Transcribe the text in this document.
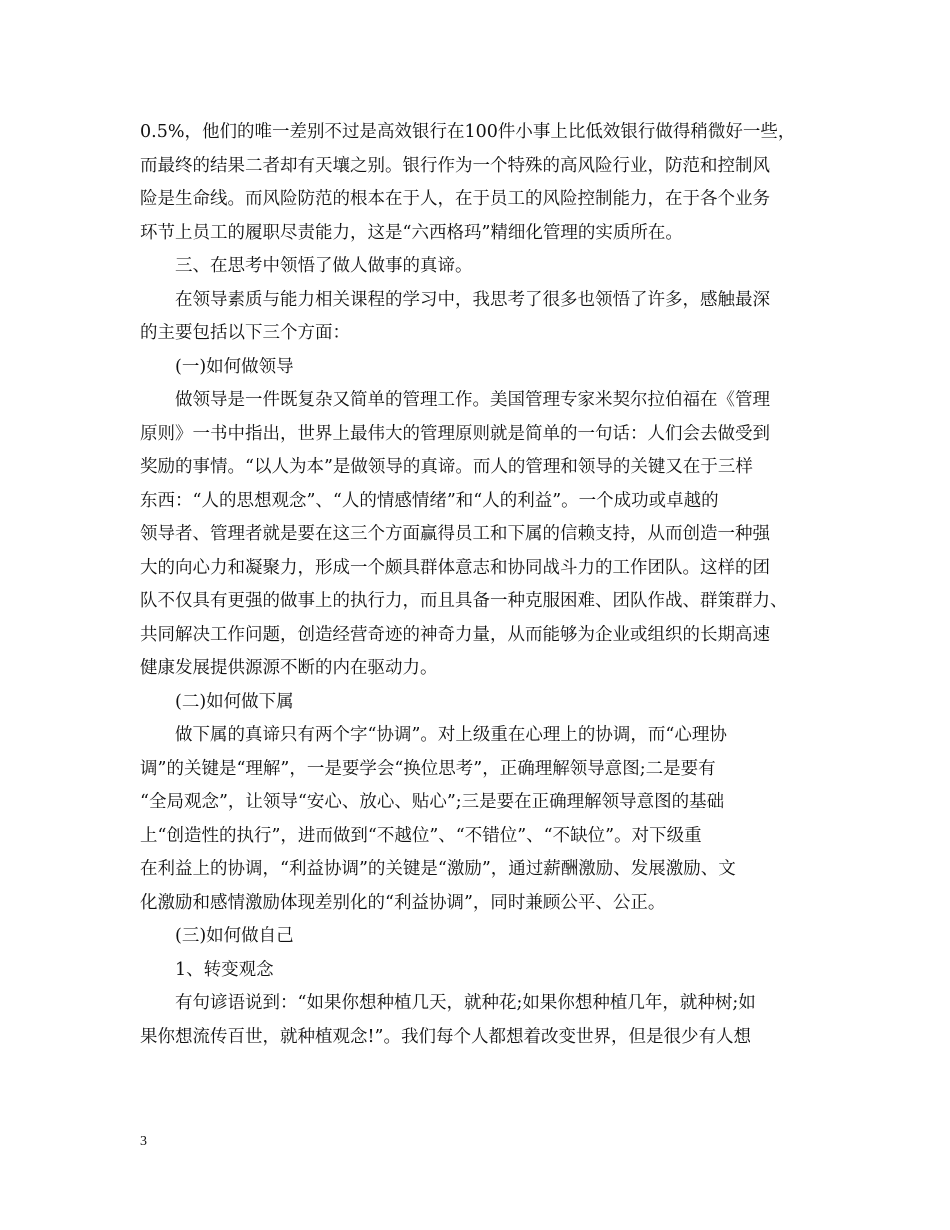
0.5%，他们的唯一差别不过是高效银行在100件小事上比低效银行做得稍微好一些，
而最终的结果二者却有天壤之别。银行作为一个特殊的高风险行业，防范和控制风
险是生命线。而风险防范的根本在于人，在于员工的风险控制能力，在于各个业务
环节上员工的履职尽责能力，这是“六西格玛”精细化管理的实质所在。
三、在思考中领悟了做人做事的真谛。
在领导素质与能力相关课程的学习中，我思考了很多也领悟了许多，感触最深
的主要包括以下三个方面：
(一)如何做领导
做领导是一件既复杂又简单的管理工作。美国管理专家米契尔拉伯福在《管理
原则》一书中指出，世界上最伟大的管理原则就是简单的一句话：人们会去做受到
奖励的事情。“以人为本”是做领导的真谛。而人的管理和领导的关键又在于三样
东西：“人的思想观念”、“人的情感情绪”和“人的利益”。一个成功或卓越的
领导者、管理者就是要在这三个方面赢得员工和下属的信赖支持，从而创造一种强
大的向心力和凝聚力，形成一个颇具群体意志和协同战斗力的工作团队。这样的团
队不仅具有更强的做事上的执行力，而且具备一种克服困难、团队作战、群策群力、
共同解决工作问题，创造经营奇迹的神奇力量，从而能够为企业或组织的长期高速
健康发展提供源源不断的内在驱动力。
(二)如何做下属
做下属的真谛只有两个字“协调”。对上级重在心理上的协调，而“心理协
调”的关键是“理解”，一是要学会“换位思考”，正确理解领导意图;二是要有
“全局观念”，让领导“安心、放心、贴心”;三是要在正确理解领导意图的基础
上“创造性的执行”，进而做到“不越位”、“不错位”、“不缺位”。对下级重
在利益上的协调，“利益协调”的关键是“激励”，通过薪酬激励、发展激励、文
化激励和感情激励体现差别化的“利益协调”，同时兼顾公平、公正。
(三)如何做自己
1、转变观念
有句谚语说到：“如果你想种植几天，就种花;如果你想种植几年，就种树;如
果你想流传百世，就种植观念!”。我们每个人都想着改变世界，但是很少有人想
3
